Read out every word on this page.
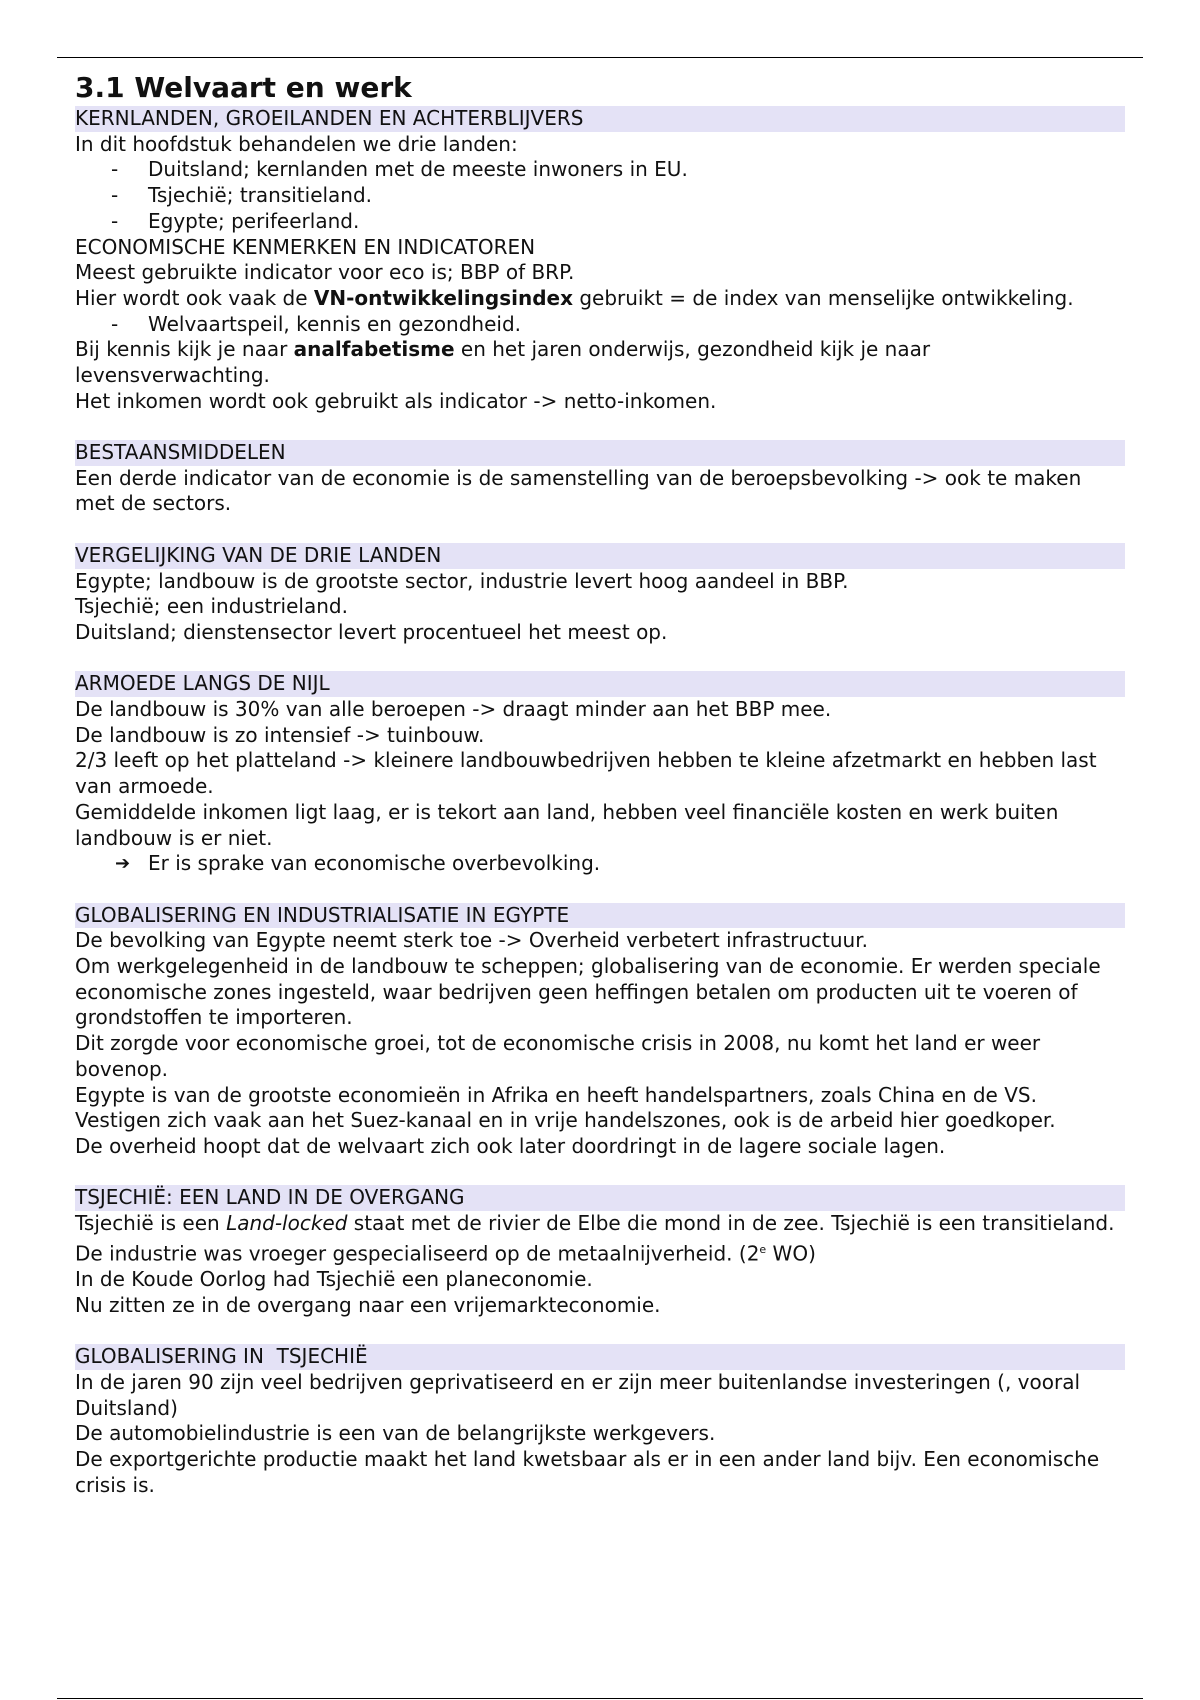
3.1 Welvaart en werk
KERNLANDEN, GROEILANDEN EN ACHTERBLIJVERS

In dit hoofdstuk behandelen we drie landen:

- Duitsland; kernlanden met de meeste inwoners in EU.
- Tsjechië; transitieland.
- Egypte; perifeerland.
ECONOMISCHE KENMERKEN EN INDICATOREN

Meest gebruikte indicator voor eco is; BBP of BRP.

Hier wordt ook vaak de VN-ontwikkelingsindex gebruikt = de index van menselijke ontwikkeling.

- Welvaartspeil, kennis en gezondheid.

Bij kennis kijk je naar analfabetisme en het jaren onderwijs, gezondheid kijk je naar levensverwachting.

Het inkomen wordt ook gebruikt als indicator -> netto-inkomen.

BESTAANSMIDDELEN

Een derde indicator van de economie is de samenstelling van de beroepsbevolking -> ook te maken met de sectors.

VERGELIJKING VAN DE DRIE LANDEN

Egypte; landbouw is de grootste sector, industrie levert hoog aandeel in BBP.

Tsjechië; een industrieland.

Duitsland; dienstensector levert procentueel het meest op.

ARMOEDE LANGS DE NIJL

De landbouw is 30% van alle beroepen -> draagt minder aan het BBP mee.

De landbouw is zo intensief -> tuinbouw.

2/3 leeft op het platteland -> kleinere landbouwbedrijven hebben te kleine afzetmarkt en hebben last van armoede.

Gemiddelde inkomen ligt laag, er is tekort aan land, hebben veel financiële kosten en werk buiten landbouw is er niet.

➔ Er is sprake van economische overbevolking.
GLOBALISERING EN INDUSTRIALISATIE IN EGYPTE

De bevolking van Egypte neemt sterk toe -> Overheid verbetert infrastructuur.

Om werkgelegenheid in de landbouw te scheppen; globalisering van de economie. Er werden speciale economische zones ingesteld, waar bedrijven geen heffingen betalen om producten uit te voeren of grondstoffen te importeren.

Dit zorgde voor economische groei, tot de economische crisis in 2008, nu komt het land er weer bovenop.

Egypte is van de grootste economieën in Afrika en heeft handelspartners, zoals China en de VS.

Vestigen zich vaak aan het Suez-kanaal en in vrije handelszones, ook is de arbeid hier goedkoper.

De overheid hoopt dat de welvaart zich ook later doordringt in de lagere sociale lagen.

TSJECHIË: EEN LAND IN DE OVERGANG

Tsjechië is een Land-locked staat met de rivier de Elbe die mond in de zee. Tsjechië is een transitieland.

De industrie was vroeger gespecialiseerd op de metaalnijverheid. (2e WO)

In de Koude Oorlog had Tsjechië een planeconomie.

Nu zitten ze in de overgang naar een vrijemarkteconomie.

GLOBALISERING IN  TSJECHIË

In de jaren 90 zijn veel bedrijven geprivatiseerd en er zijn meer buitenlandse investeringen (, vooral Duitsland)

De automobielindustrie is een van de belangrijkste werkgevers.

De exportgerichte productie maakt het land kwetsbaar als er in een ander land bijv. Een economische crisis is.
